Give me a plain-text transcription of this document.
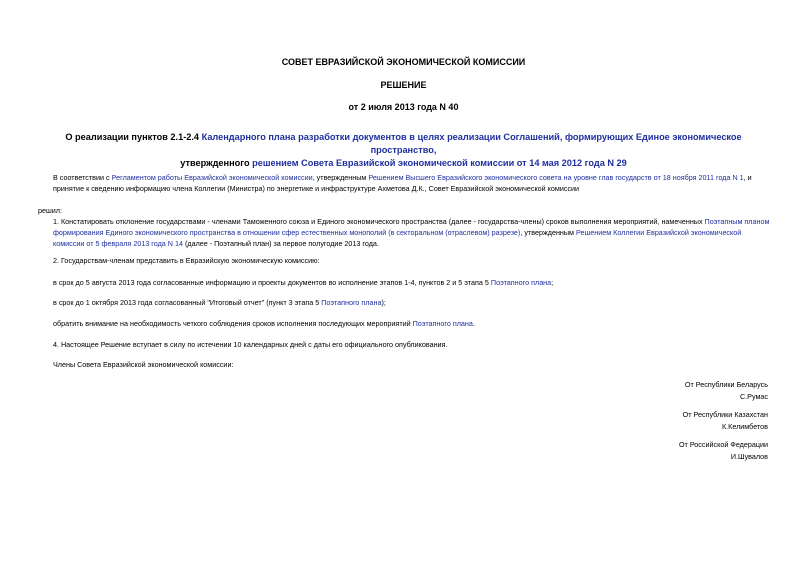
СОВЕТ ЕВРАЗИЙСКОЙ ЭКОНОМИЧЕСКОЙ КОМИССИИ
РЕШЕНИЕ
от 2 июля 2013 года N 40
О реализации пунктов 2.1-2.4 Календарного плана разработки документов в целях реализации Соглашений, формирующих Единое экономическое пространство,
утвержденного решением Совета Евразийской экономической комиссии от 14 мая 2012 года N 29
В соответствии с Регламентом работы Евразийской экономической комиссии, утвержденным Решением Высшего Евразийского экономического совета на уровне глав государств от 18 ноября 2011 года N 1, и принятие к сведению информацию члена Коллегии (Министра) по энергетике и инфраструктуре Ахметова Д.К., Совет Евразийской экономической комиссии
решил:
1. Констатировать отклонение государствами - членами Таможенного союза и Единого экономического пространства (далее - государства-члены) сроков выполнения мероприятий, намеченных Поэтапным планом формирования Единого экономического пространства в отношении сфер естественных монополий (в секторальном (отраслевом) разрезе), утвержденным Решением Коллегии Евразийской экономической комиссии от 5 февраля 2013 года N 14 (далее - Поэтапный план) за первое полугодие 2013 года.
2. Государствам-членам представить в Евразийскую экономическую комиссию:
в срок до 5 августа 2013 года согласованные информацию и проекты документов во исполнение этапов 1-4, пунктов 2 и 5 этапа 5 Поэтапного плана;
в срок до 1 октября 2013 года согласованный "Итоговый отчет" (пункт 3 этапа 5 Поэтапного плана);
обратить внимание на необходимость четкого соблюдения сроков исполнения последующих мероприятий Поэтапного плана.
4. Настоящее Решение вступает в силу по истечении 10 календарных дней с даты его официального опубликования.
Члены Совета Евразийской экономической комиссии:
От Республики Беларусь
С.Румас
От Республики Казахстан
К.Келимбетов
От Российской Федерации
И.Шувалов
